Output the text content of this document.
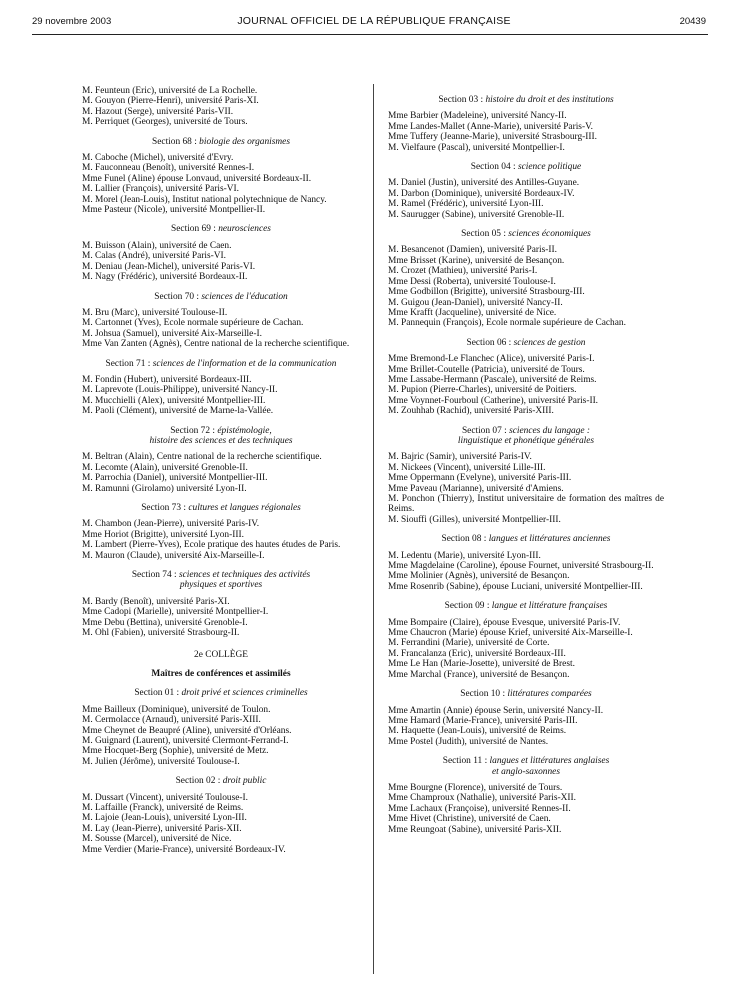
29 novembre 2003	JOURNAL OFFICIEL DE LA RÉPUBLIQUE FRANÇAISE	20439
M. Feunteun (Eric), université de La Rochelle.
M. Gouyon (Pierre-Henri), université Paris-XI.
M. Hazout (Serge), université Paris-VII.
M. Perriquet (Georges), université de Tours.
Section 68 : biologie des organismes
M. Caboche (Michel), université d'Evry.
M. Fauconneau (Benoît), université Rennes-I.
Mme Funel (Aline) épouse Lonvaud, université Bordeaux-II.
M. Lallier (François), université Paris-VI.
M. Morel (Jean-Louis), Institut national polytechnique de Nancy.
Mme Pasteur (Nicole), université Montpellier-II.
Section 69 : neurosciences
M. Buisson (Alain), université de Caen.
M. Calas (André), université Paris-VI.
M. Deniau (Jean-Michel), université Paris-VI.
M. Nagy (Frédéric), université Bordeaux-II.
Section 70 : sciences de l'éducation
M. Bru (Marc), université Toulouse-II.
M. Cartonnet (Yves), Ecole normale supérieure de Cachan.
M. Johsua (Samuel), université Aix-Marseille-I.
Mme Van Zanten (Agnès), Centre national de la recherche scientifique.
Section 71 : sciences de l'information et de la communication
M. Fondin (Hubert), université Bordeaux-III.
M. Laprevote (Louis-Philippe), université Nancy-II.
M. Mucchielli (Alex), université Montpellier-III.
M. Paoli (Clément), université de Marne-la-Vallée.
Section 72 : épistémologie,
histoire des sciences et des techniques
M. Beltran (Alain), Centre national de la recherche scientifique.
M. Lecomte (Alain), université Grenoble-II.
M. Parrochia (Daniel), université Montpellier-III.
M. Ramunni (Girolamo) université Lyon-II.
Section 73 : cultures et langues régionales
M. Chambon (Jean-Pierre), université Paris-IV.
Mme Horiot (Brigitte), université Lyon-III.
M. Lambert (Pierre-Yves), Ecole pratique des hautes études de Paris.
M. Mauron (Claude), université Aix-Marseille-I.
Section 74 : sciences et techniques des activités
physiques et sportives
M. Bardy (Benoît), université Paris-XI.
Mme Cadopi (Marielle), université Montpellier-I.
Mme Debu (Bettina), université Grenoble-I.
M. Ohl (Fabien), université Strasbourg-II.
2e COLLÈGE
Maîtres de conférences et assimilés
Section 01 : droit privé et sciences criminelles
Mme Bailleux (Dominique), université de Toulon.
M. Cermolacce (Arnaud), université Paris-XIII.
Mme Cheynet de Beaupré (Aline), université d'Orléans.
M. Guignard (Laurent), université Clermont-Ferrand-I.
Mme Hocquet-Berg (Sophie), université de Metz.
M. Julien (Jérôme), université Toulouse-I.
Section 02 : droit public
M. Dussart (Vincent), université Toulouse-I.
M. Laffaille (Franck), université de Reims.
M. Lajoie (Jean-Louis), université Lyon-III.
M. Lay (Jean-Pierre), université Paris-XII.
M. Sousse (Marcel), université de Nice.
Mme Verdier (Marie-France), université Bordeaux-IV.
Section 03 : histoire du droit et des institutions
Mme Barbier (Madeleine), université Nancy-II.
Mme Landes-Mallet (Anne-Marie), université Paris-V.
Mme Tuffery (Jeanne-Marie), université Strasbourg-III.
M. Vielfaure (Pascal), université Montpellier-I.
Section 04 : science politique
M. Daniel (Justin), université des Antilles-Guyane.
M. Darbon (Dominique), université Bordeaux-IV.
M. Ramel (Frédéric), université Lyon-III.
M. Saurugger (Sabine), université Grenoble-II.
Section 05 : sciences économiques
M. Besancenot (Damien), université Paris-II.
Mme Brisset (Karine), université de Besançon.
M. Crozet (Mathieu), université Paris-I.
Mme Dessi (Roberta), université Toulouse-I.
Mme Godbillon (Brigitte), université Strasbourg-III.
M. Guigou (Jean-Daniel), université Nancy-II.
Mme Krafft (Jacqueline), université de Nice.
M. Pannequin (François), Ecole normale supérieure de Cachan.
Section 06 : sciences de gestion
Mme Bremond-Le Flanchec (Alice), université Paris-I.
Mme Brillet-Coutelle (Patricia), université de Tours.
Mme Lassabe-Hermann (Pascale), université de Reims.
M. Pupion (Pierre-Charles), université de Poitiers.
Mme Voynnet-Fourboul (Catherine), université Paris-II.
M. Zouhhab (Rachid), université Paris-XIII.
Section 07 : sciences du langage :
linguistique et phonétique générales
M. Bajric (Samir), université Paris-IV.
M. Nickees (Vincent), université Lille-III.
Mme Oppermann (Evelyne), université Paris-III.
Mme Paveau (Marianne), université d'Amiens.
M. Ponchon (Thierry), Institut universitaire de formation des maîtres de Reims.
M. Siouffi (Gilles), université Montpellier-III.
Section 08 : langues et littératures anciennes
M. Ledentu (Marie), université Lyon-III.
Mme Magdelaine (Caroline), épouse Fournet, université Strasbourg-II.
Mme Molinier (Agnès), université de Besançon.
Mme Rosenrib (Sabine), épouse Luciani, université Montpellier-III.
Section 09 : langue et littérature françaises
Mme Bompaire (Claire), épouse Evesque, université Paris-IV.
Mme Chaucron (Marie) épouse Krief, université Aix-Marseille-I.
M. Ferrandini (Marie), université de Corte.
M. Francalanza (Eric), université Bordeaux-III.
Mme Le Han (Marie-Josette), université de Brest.
Mme Marchal (France), université de Besançon.
Section 10 : littératures comparées
Mme Amartin (Annie) épouse Serin, université Nancy-II.
Mme Hamard (Marie-France), université Paris-III.
M. Haquette (Jean-Louis), université de Reims.
Mme Postel (Judith), université de Nantes.
Section 11 : langues et littératures anglaises
et anglo-saxonnes
Mme Bourgne (Florence), université de Tours.
Mme Champroux (Nathalie), université Paris-XII.
Mme Lachaux (Françoise), université Rennes-II.
Mme Hivet (Christine), université de Caen.
Mme Reungoat (Sabine), université Paris-XII.
